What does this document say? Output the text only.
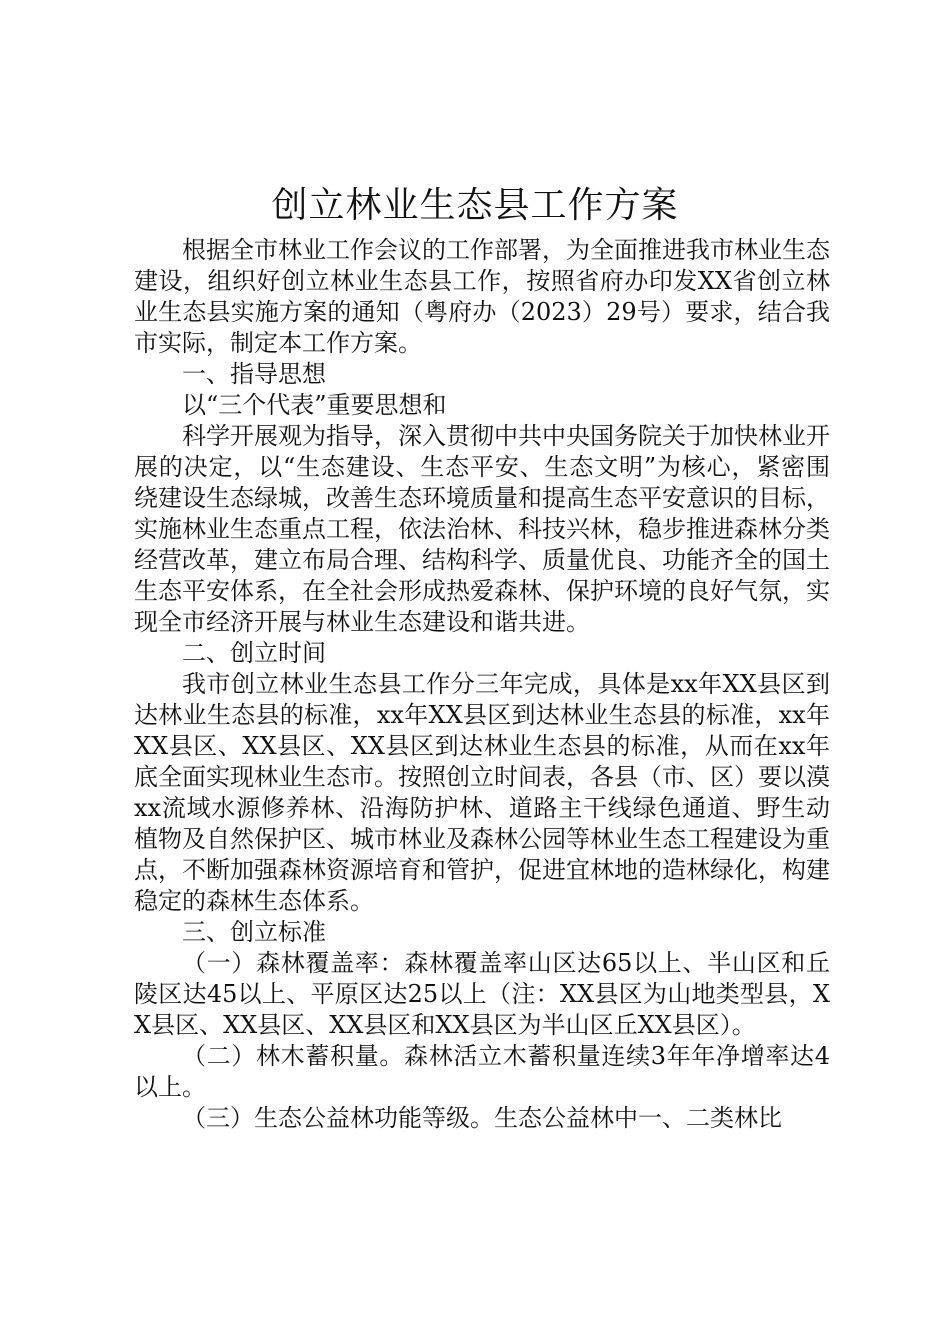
创立林业生态县工作方案

根据全市林业工作会议的工作部署，为全面推进我市林业生态建设，组织好创立林业生态县工作，按照省府办印发XX省创立林业生态县实施方案的通知（粤府办（2023）29号）要求，结合我市实际，制定本工作方案。

一、指导思想

以“三个代表”重要思想和

科学开展观为指导，深入贯彻中共中央国务院关于加快林业开展的决定，以“生态建设、生态平安、生态文明”为核心，紧密围绕建设生态绿城，改善生态环境质量和提高生态平安意识的目标，实施林业生态重点工程，依法治林、科技兴林，稳步推进森林分类经营改革，建立布局合理、结构科学、质量优良、功能齐全的国土生态平安体系，在全社会形成热爱森林、保护环境的良好气氛，实现全市经济开展与林业生态建设和谐共进。

二、创立时间

我市创立林业生态县工作分三年完成，具体是xx年XX县区到达林业生态县的标准，xx年XX县区到达林业生态县的标准，xx年XX县区、XX县区、XX县区到达林业生态县的标准，从而在xx年底全面实现林业生态市。按照创立时间表，各县（市、区）要以漠xx流域水源修养林、沿海防护林、道路主干线绿色通道、野生动植物及自然保护区、城市林业及森林公园等林业生态工程建设为重点，不断加强森林资源培育和管护，促进宜林地的造林绿化，构建稳定的森林生态体系。

三、创立标准

（一）森林覆盖率：森林覆盖率山区达65以上、半山区和丘陵区达45以上、平原区达25以上（注：XX县区为山地类型县，XX县区、XX县区、XX县区和XX县区为半山区丘XX县区）。

（二）林木蓄积量。森林活立木蓄积量连续3年年净增率达4以上。

（三）生态公益林功能等级。生态公益林中一、二类林比
